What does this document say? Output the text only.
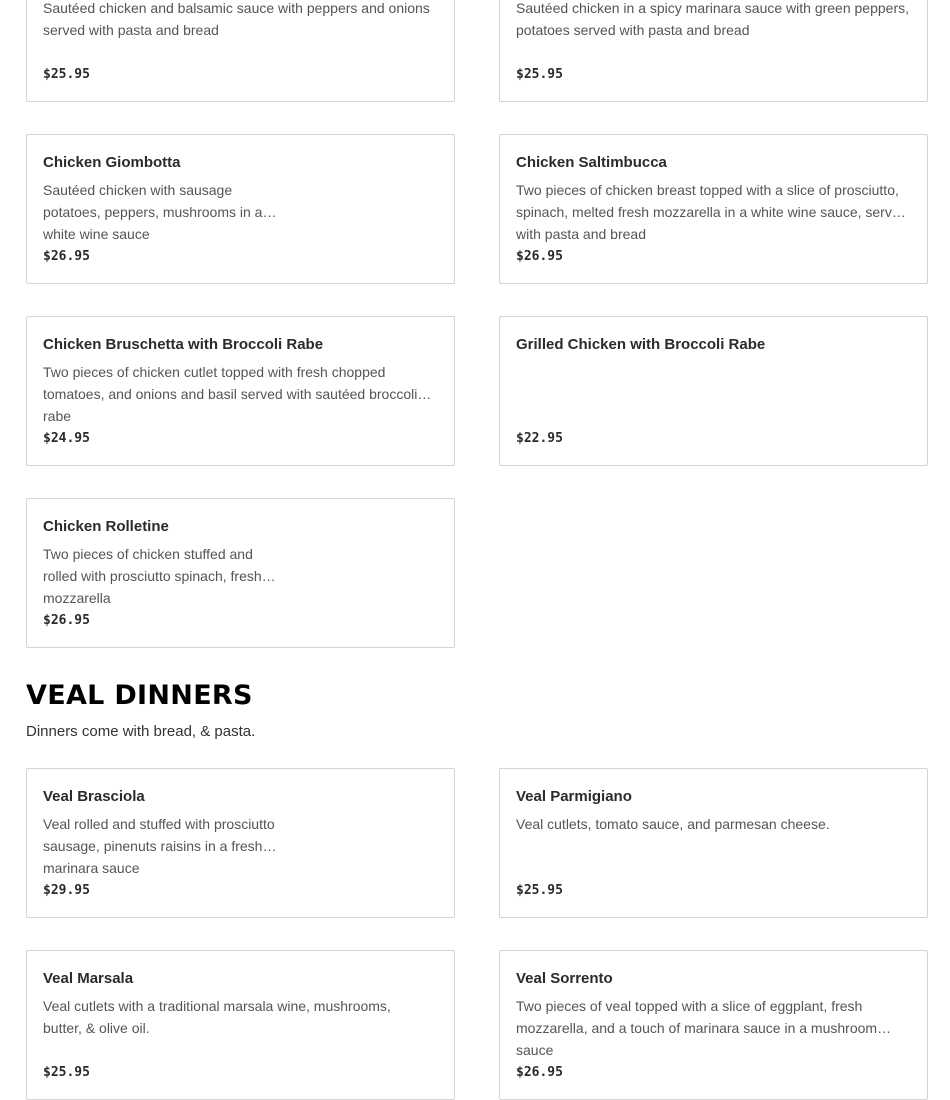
Sautéed chicken and balsamic sauce with peppers and onions served with pasta and bread
$25.95
Sautéed chicken in a spicy marinara sauce with green peppers, potatoes served with pasta and bread
$25.95
Chicken Giombotta
Sautéed chicken with sausage potatoes, peppers, mushrooms in a white wine sauce
$26.95
Chicken Saltimbucca
Two pieces of chicken breast topped with a slice of prosciutto, spinach, melted fresh mozzarella in a white wine sauce, served with pasta and bread
$26.95
Chicken Bruschetta with Broccoli Rabe
Two pieces of chicken cutlet topped with fresh chopped tomatoes, and onions and basil served with sautéed broccoli rabe
$24.95
Grilled Chicken with Broccoli Rabe
$22.95
Chicken Rolletine
Two pieces of chicken stuffed and rolled with prosciutto spinach, fresh mozzarella
$26.95
VEAL DINNERS
Dinners come with bread, & pasta.
Veal Brasciola
Veal rolled and stuffed with prosciutto sausage, pinenuts raisins in a fresh marinara sauce
$29.95
Veal Parmigiano
Veal cutlets, tomato sauce, and parmesan cheese.
$25.95
Veal Marsala
Veal cutlets with a traditional marsala wine, mushrooms, butter, & olive oil.
$25.95
Veal Sorrento
Two pieces of veal topped with a slice of eggplant, fresh mozzarella, and a touch of marinara sauce in a mushroom sauce
$26.95
